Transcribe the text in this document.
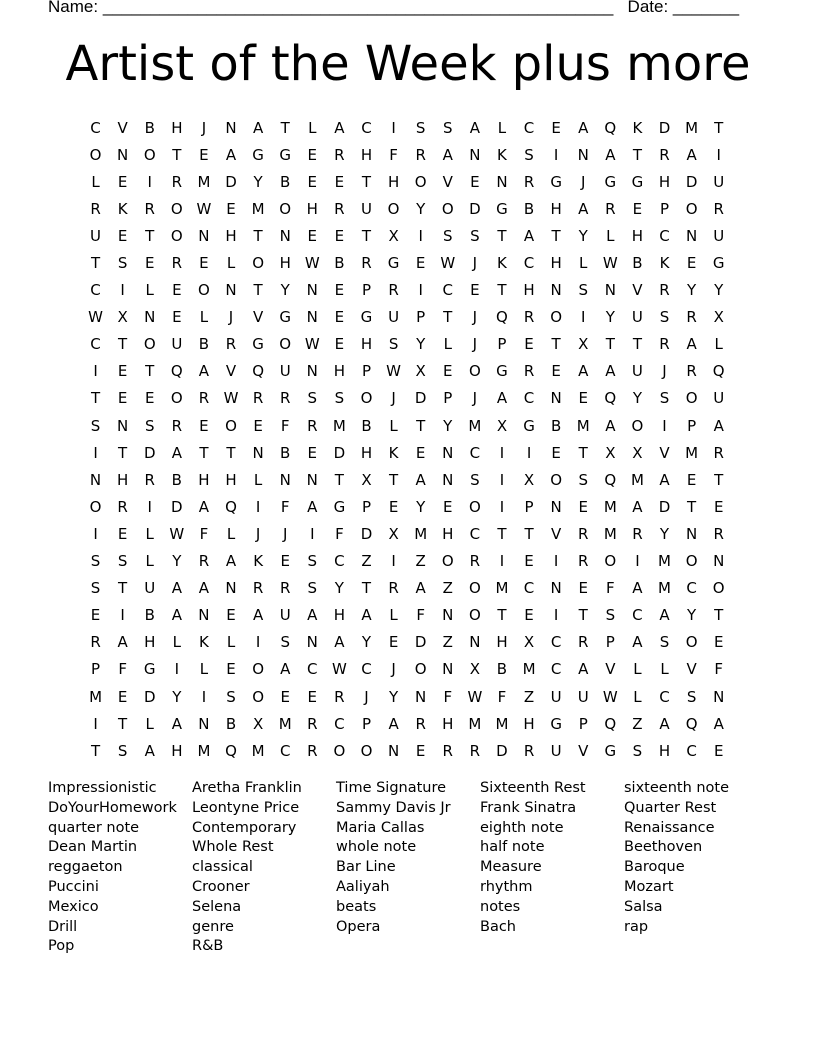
Name: ______________________________________________________ Date: _______
Artist of the Week plus more
C	V	B	H	J	N	A	T	L	A	C	I	S	S	A	L	C	E	A	Q	K	D	M	T
O	N	O	T	E	A	G	G	E	R	H	F	R	A	N	K	S	I	N	A	T	R	A	I
L	E	I	R	M	D	Y	B	E	E	T	H	O	V	E	N	R	G	J	G	G	H	D	U
R	K	R	O	W	E	M	O	H	R	U	O	Y	O	D	G	B	H	A	R	E	P	O	R
U	E	T	O	N	H	T	N	E	E	T	X	I	S	S	T	A	T	Y	L	H	C	N	U
T	S	E	R	E	L	O	H	W	B	R	G	E	W	J	K	C	H	L	W	B	K	E	G
C	I	L	E	O	N	T	Y	N	E	P	R	I	C	E	T	H	N	S	N	V	R	Y	Y
W	X	N	E	L	J	V	G	N	E	G	U	P	T	J	Q	R	O	I	Y	U	S	R	X
C	T	O	U	B	R	G	O	W	E	H	S	Y	L	J	P	E	T	X	T	T	R	A	L
I	E	T	Q	A	V	Q	U	N	H	P	W	X	E	O	G	R	E	A	A	U	J	R	Q
T	E	E	O	R	W	R	R	S	S	O	J	D	P	J	A	C	N	E	Q	Y	S	O	U
S	N	S	R	E	O	E	F	R	M	B	L	T	Y	M	X	G	B	M	A	O	I	P	A
I	T	D	A	T	T	N	B	E	D	H	K	E	N	C	I	I	E	T	X	X	V	M	R
N	H	R	B	H	H	L	N	N	T	X	T	A	N	S	I	X	O	S	Q	M	A	E	T
O	R	I	D	A	Q	I	F	A	G	P	E	Y	E	O	I	P	N	E	M	A	D	T	E
I	E	L	W	F	L	J	J	I	F	D	X	M	H	C	T	T	V	R	M	R	Y	N	R
S	S	L	Y	R	A	K	E	S	C	Z	I	Z	O	R	I	E	I	R	O	I	M	O	N
S	T	U	A	A	N	R	R	S	Y	T	R	A	Z	O	M	C	N	E	F	A	M	C	O
E	I	B	A	N	E	A	U	A	H	A	L	F	N	O	T	E	I	T	S	C	A	Y	T
R	A	H	L	K	L	I	S	N	A	Y	E	D	Z	N	H	X	C	R	P	A	S	O	E
P	F	G	I	L	E	O	A	C	W	C	J	O	N	X	B	M	C	A	V	L	L	V	F
M	E	D	Y	I	S	O	E	E	R	J	Y	N	F	W	F	Z	U	U	W	L	C	S	N
I	T	L	A	N	B	X	M	R	C	P	A	R	H	M	M	H	G	P	Q	Z	A	Q	A
T	S	A	H	M	Q	M	C	R	O	O	N	E	R	R	D	R	U	V	G	S	H	C	E
Impressionistic
DoYourHomework
quarter note
Dean Martin
reggaeton
Puccini
Mexico
Drill
Pop
Aretha Franklin
Leontyne Price
Contemporary
Whole Rest
classical
Crooner
Selena
genre
R&B
Time Signature
Sammy Davis Jr
Maria Callas
whole note
Bar Line
Aaliyah
beats
Opera
Sixteenth Rest
Frank Sinatra
eighth note
half note
Measure
rhythm
notes
Bach
sixteenth note
Quarter Rest
Renaissance
Beethoven
Baroque
Mozart
Salsa
rap
